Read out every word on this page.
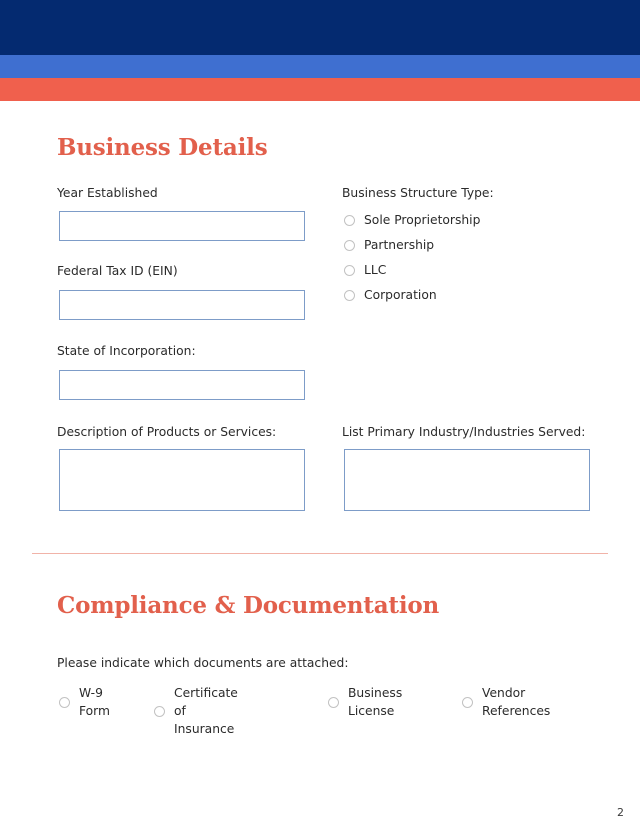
Business Details
Year Established
Federal Tax ID (EIN)
State of Incorporation:
Description of Products or Services:
Business Structure Type:
Sole Proprietorship
Partnership
LLC
Corporation
List Primary Industry/Industries Served:
Compliance & Documentation
Please indicate which documents are attached:
W-9
Form
Certificate of
Insurance
Business
License
Vendor
References
2
